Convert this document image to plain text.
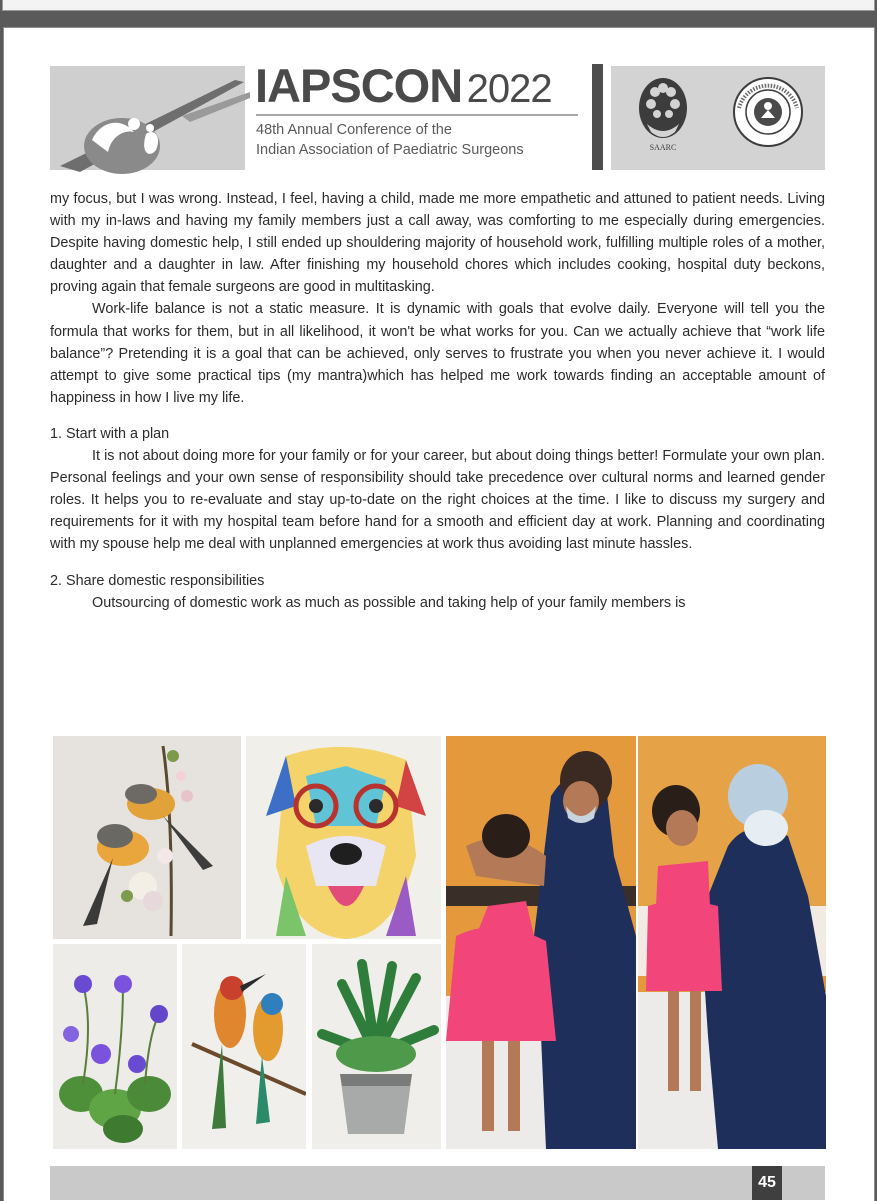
IAPSCON 2022
48th Annual Conference of the
Indian Association of Paediatric Surgeons	SAARC

my focus, but I was wrong. Instead, I feel, having a child, made me more empathetic and attuned to patient needs. Living with my in-laws and having my family members just a call away, was comforting to me especially during emergencies. Despite having domestic help, I still ended up shouldering majority of household work, fulfilling multiple roles of a mother, daughter and a daughter in law. After finishing my household chores which includes cooking, hospital duty beckons, proving again that female surgeons are good in multitasking.

Work-life balance is not a static measure. It is dynamic with goals that evolve daily. Everyone will tell you the formula that works for them, but in all likelihood, it won't be what works for you. Can we actually achieve that “work life balance”? Pretending it is a goal that can be achieved, only serves to frustrate you when you never achieve it. I would attempt to give some practical tips (my mantra)which has helped me work towards finding an acceptable amount of happiness in how I live my life.

1. Start with a plan

It is not about doing more for your family or for your career, but about doing things better! Formulate your own plan. Personal feelings and your own sense of responsibility should take precedence over cultural norms and learned gender roles. It helps you to re-evaluate and stay up-to-date on the right choices at the time. I like to discuss my surgery and requirements for it with my hospital team before hand for a smooth and efficient day at work. Planning and coordinating with my spouse help me deal with unplanned emergencies at work thus avoiding last minute hassles.

2. Share domestic responsibilities

Outsourcing of domestic work as much as possible and taking help of your family members is

45
